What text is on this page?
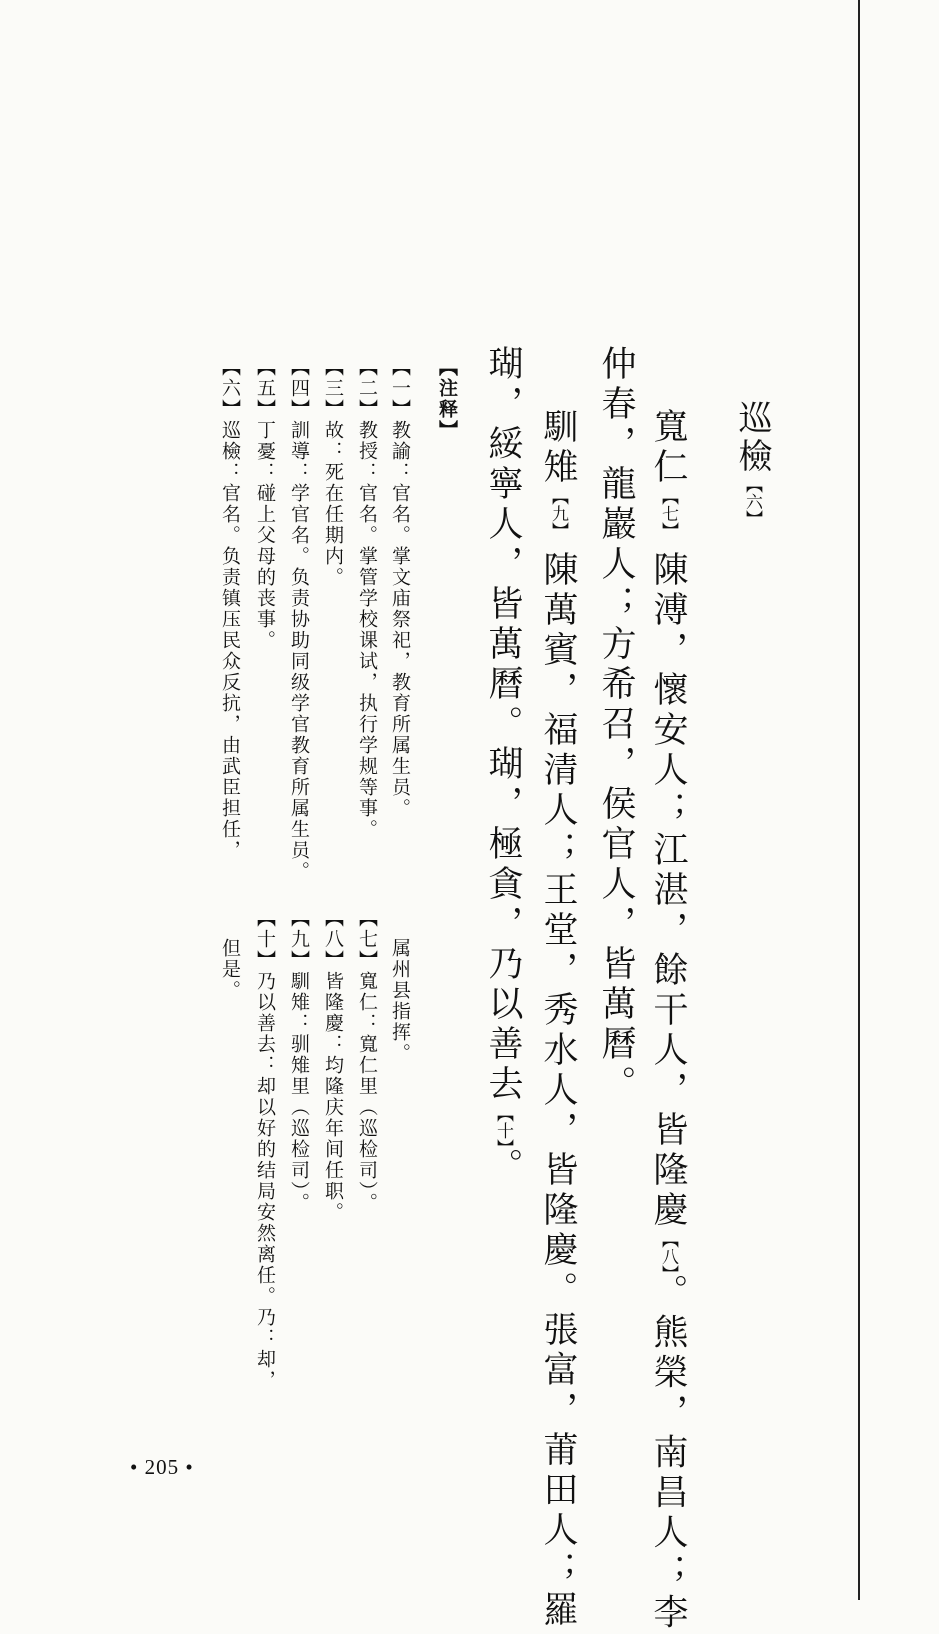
巡檢【六】
寬仁【七】陳溥，懷安人；江湛，餘干人，皆隆慶【八】。熊榮，南昌人；李
仲春，龍巖人；方希召，侯官人，皆萬曆。
馴雉【九】陳萬賓，福清人；王堂，秀水人，皆隆慶。張富，莆田人；羅
瑚，綏寧人，皆萬曆。瑚，極貪，乃以善去【十】。
【注释】
【一】教諭：官名。掌文庙祭祀，教育所属生员。
【二】教授：官名。掌管学校课试，执行学规等事。
【三】故：死在任期内。
【四】訓導：学官名。负责协助同级学官教育所属生员。
【五】丁憂：碰上父母的丧事。
【六】巡檢：官名。负责镇压民众反抗，由武臣担任，
属州县指挥。
【七】寬仁：寬仁里（巡检司）。
【八】皆隆慶：均隆庆年间任职。
【九】馴雉：驯雉里（巡检司）。
【十】乃以善去：却以好的结局安然离任。乃：却，
但是。
• 205 •
